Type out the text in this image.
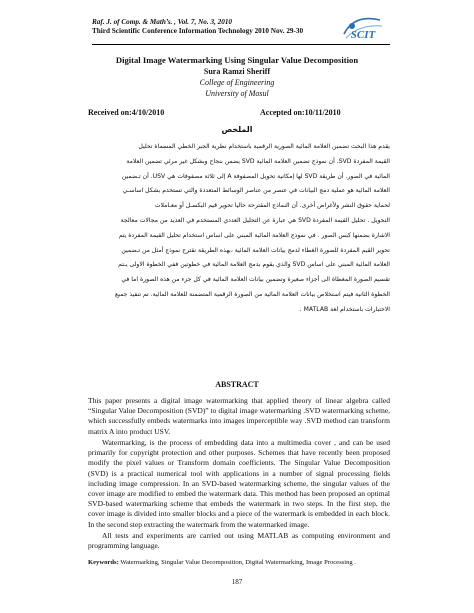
Raf. J. of Comp. & Math’s. , Vol. 7, No. 3, 2010
Third Scientific Conference Information Technology 2010 Nov. 29-30	SCIT
Digital Image Watermarking Using Singular Value Decomposition
Sura Ramzi Sheriff
College of Engineering
University of Mosul
Received on:4/10/2010	Accepted on:10/11/2010
الملخص
يقدم هذا البحث تضمين العلامة المائية الصورية الرقمية باستخدام نظرية الجبر الخطي المسماة تحليل
القيمة المفردة SVD. أن نموذج تضمين العلامة المائية SVD يضمن بنجاح وبشكل غير مرئي تضمين العلامة
المائية في الصور. أن طريقة SVD لها إمكانية تحويل المصفوفة A إلى ثلاثة مصفوفات هي USV. أن تـضمين
العلامة المائية هو عملية دمج البيانات في عنصر من عناصر الوسائط المتعددة والتي تستخدم بشكل اساسـي
لحماية حقوق النشر ولأغراض أخرى. أن النماذج المقترحة حاليا تحوير قيم البكسـل أو معـاملات
التحويل . تحليل القيمة المفردة SVD هي عبارة عن التحليل العددي المستخدم في العديد من مجالات معالجة
الاشارة بضمنها كبس الصور . في نموذج العلامة المائية المبني على اساس استخدام تحليل القيمة المفردة يتم
تحوير القيم المفردة للصورة الغطاء لدمج بيانات العلامة المائية ،بهذه الطريقة نقترح نموذج أمثل من تـضمين
العلامة المائية المبني على اساس SVD والذي يقوم بدمج العلامة المائية في خطوتين ففي الخطوة الاولى يـتم
تقسيم الصورة المغطاة الى أجزاء صغيرة وتضمين بيانات العلامة المائية في كل جزء من هذه الصورة اما في
الخطوة الثانية فيتم استخلاص بيانات العلامة المائية من الصورة الرقمية المتضمنة للعلامة المائية. تم تنفيذ جميع
الاختبارات باستخدام لغة MATLAB .
ABSTRACT
This paper presents a digital image watermarking that applied theory of linear algebra called “Singular Value Decomposition (SVD)” to digital image watermarking .SVD watermarking scheme, which successfully embeds watermarks into images imperceptible way .SVD method can transform matrix A into product USV.
Watermarking, is the process of embedding data into a multimedia cover , and can be used primarily for copyright protection and other purposes. Schemes that have recently been proposed modify the pixel values or Transform domain coefficients. The Singular Value Decomposition (SVD) is a practical numerical tool with applications in a number of signal processing fields including image compression. In an SVD-based watermarking scheme, the singular values of the cover image are modified to embed the watermark data. This method has been proposed an optimal SVD-based watermarking scheme that embeds the watermark in two steps. In the first step, the cover image is divided into smaller blocks and a piece of the watermark is embedded in each block. In the second step extracting the watermark from the watermarked image.
All tests and experiments are carried out using MATLAB as computing environment and programming language.
Keywords: Watermarking, Singular Value Decomposition, Digital Watermarking, Image Processing .
187
